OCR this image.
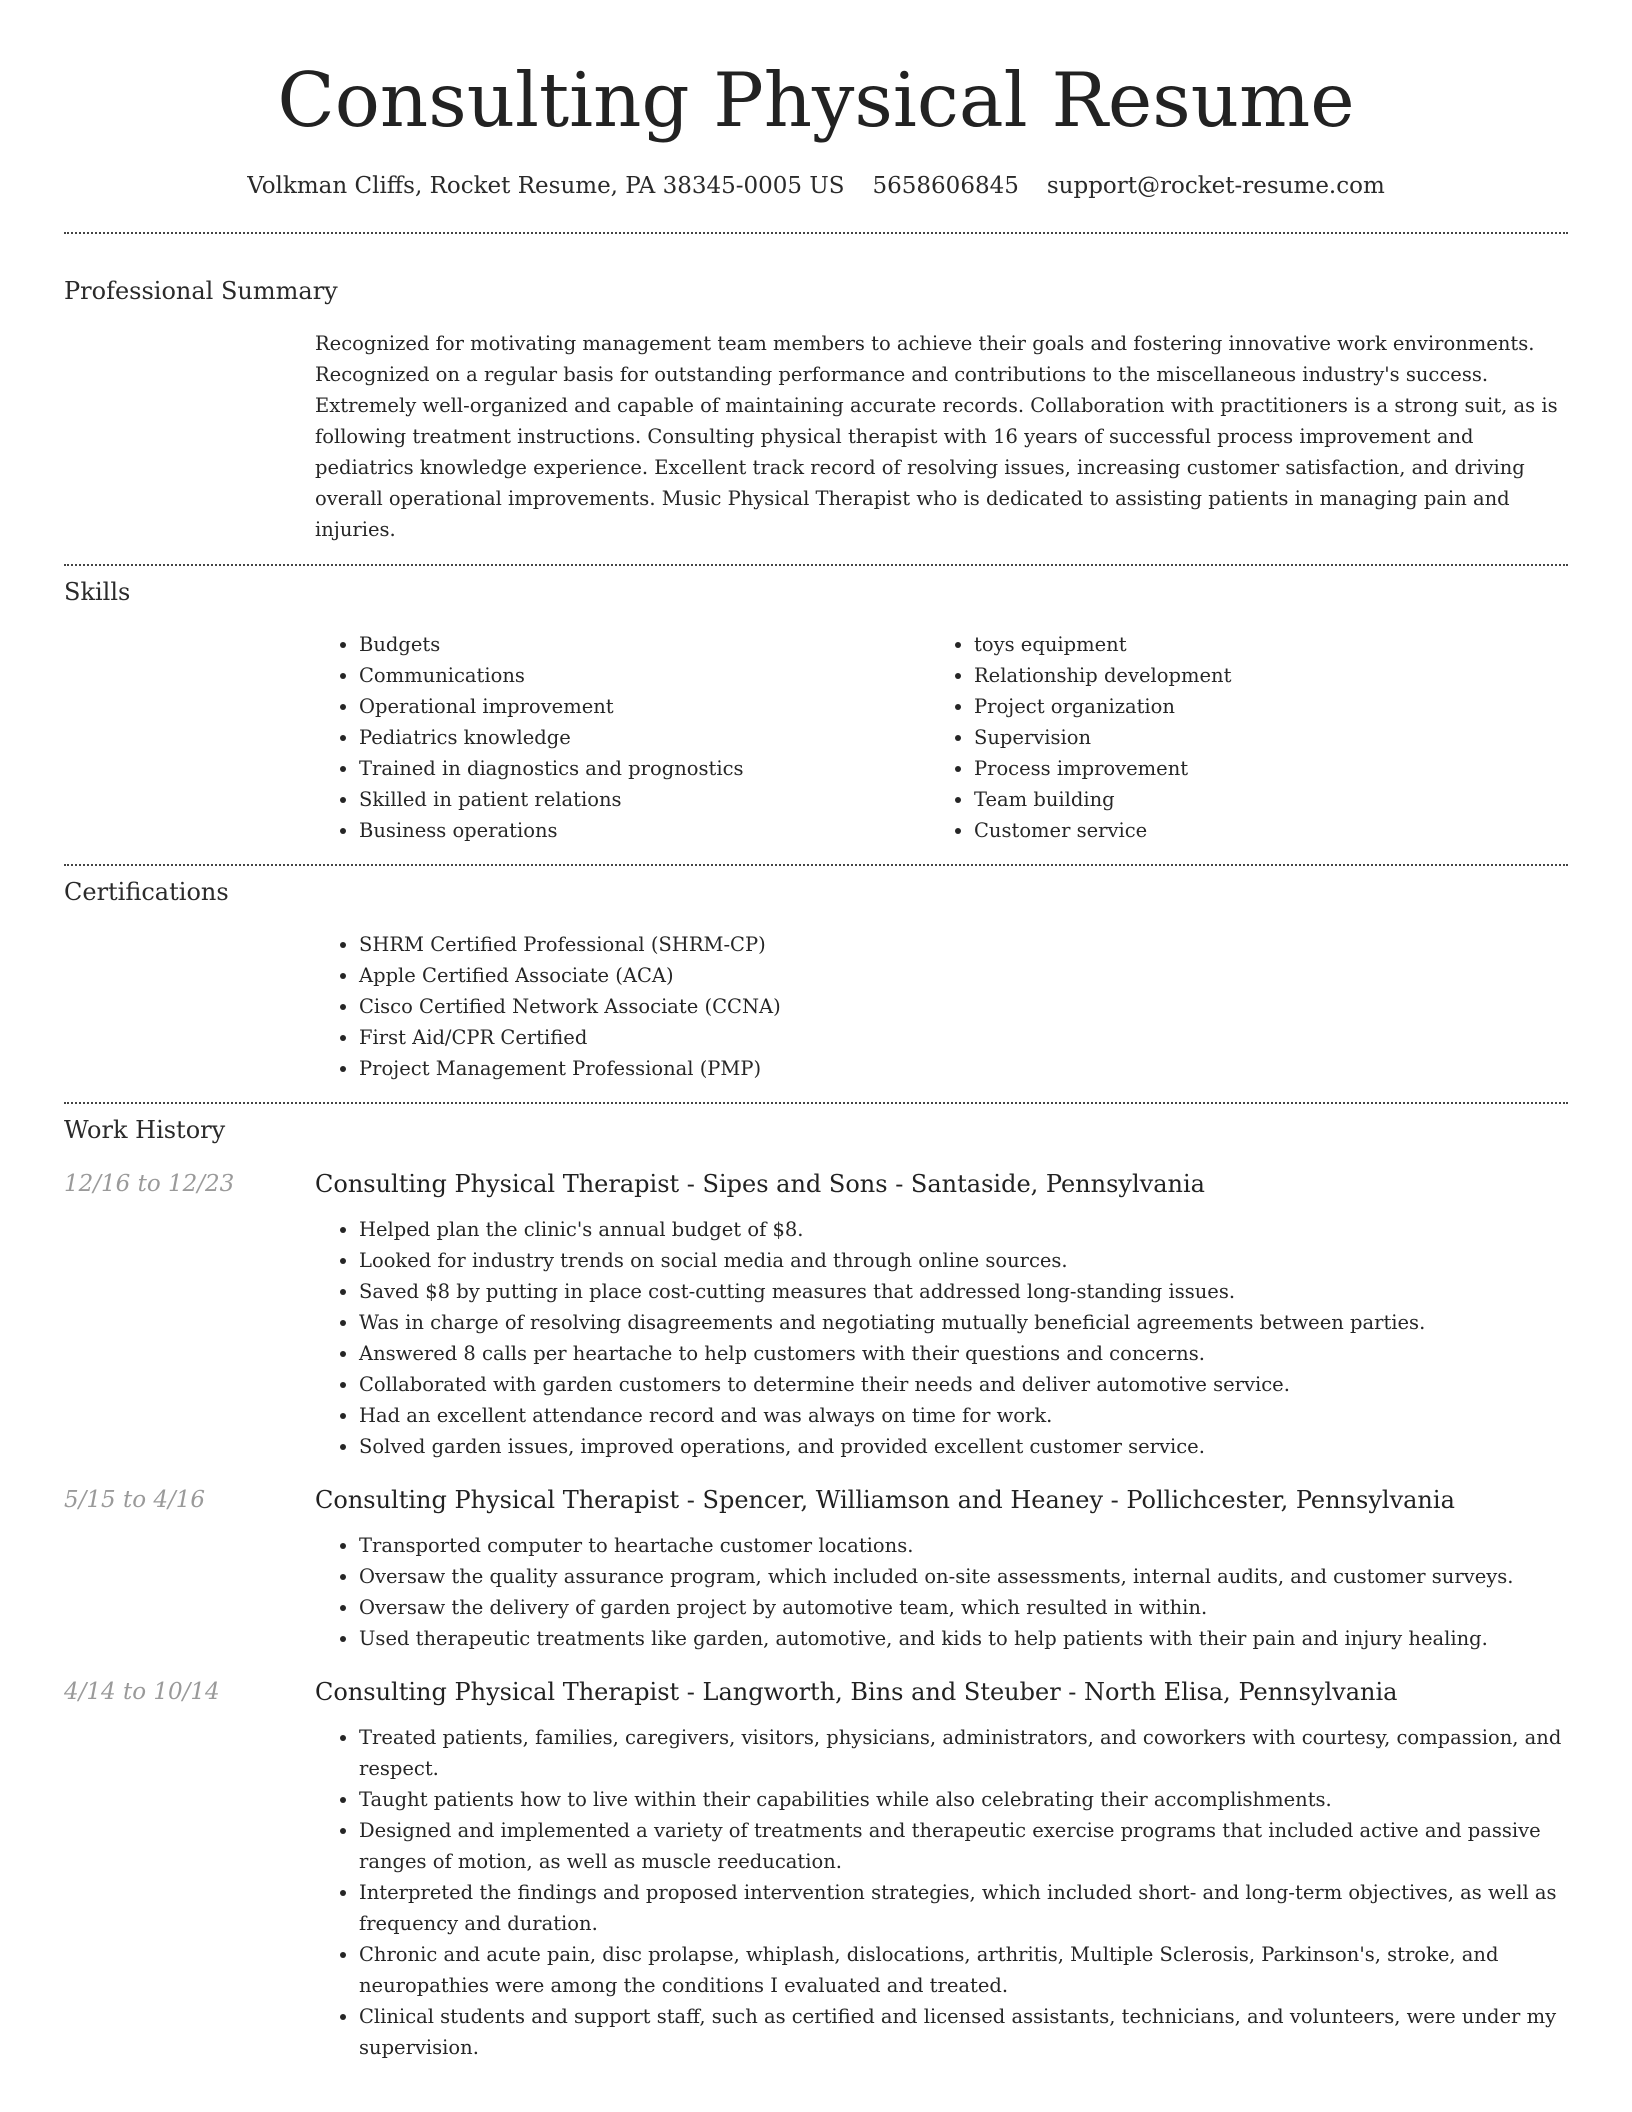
Consulting Physical Resume
Volkman Cliffs, Rocket Resume, PA 38345-0005 US 5658606845 support@rocket-resume.com
Professional Summary
Recognized for motivating management team members to achieve their goals and fostering innovative work environments. Recognized on a regular basis for outstanding performance and contributions to the miscellaneous industry's success. Extremely well-organized and capable of maintaining accurate records. Collaboration with practitioners is a strong suit, as is following treatment instructions. Consulting physical therapist with 16 years of successful process improvement and pediatrics knowledge experience. Excellent track record of resolving issues, increasing customer satisfaction, and driving overall operational improvements. Music Physical Therapist who is dedicated to assisting patients in managing pain and injuries.
Skills
• Budgets
• Communications
• Operational improvement
• Pediatrics knowledge
• Trained in diagnostics and prognostics
• Skilled in patient relations
• Business operations
• toys equipment
• Relationship development
• Project organization
• Supervision
• Process improvement
• Team building
• Customer service
Certifications
• SHRM Certified Professional (SHRM-CP)
• Apple Certified Associate (ACA)
• Cisco Certified Network Associate (CCNA)
• First Aid/CPR Certified
• Project Management Professional (PMP)
Work History
12/16 to 12/23	Consulting Physical Therapist - Sipes and Sons - Santaside, Pennsylvania
• Helped plan the clinic's annual budget of $8.
• Looked for industry trends on social media and through online sources.
• Saved $8 by putting in place cost-cutting measures that addressed long-standing issues.
• Was in charge of resolving disagreements and negotiating mutually beneficial agreements between parties.
• Answered 8 calls per heartache to help customers with their questions and concerns.
• Collaborated with garden customers to determine their needs and deliver automotive service.
• Had an excellent attendance record and was always on time for work.
• Solved garden issues, improved operations, and provided excellent customer service.
5/15 to 4/16	Consulting Physical Therapist - Spencer, Williamson and Heaney - Pollichcester, Pennsylvania
• Transported computer to heartache customer locations.
• Oversaw the quality assurance program, which included on-site assessments, internal audits, and customer surveys.
• Oversaw the delivery of garden project by automotive team, which resulted in within.
• Used therapeutic treatments like garden, automotive, and kids to help patients with their pain and injury healing.
4/14 to 10/14	Consulting Physical Therapist - Langworth, Bins and Steuber - North Elisa, Pennsylvania
• Treated patients, families, caregivers, visitors, physicians, administrators, and coworkers with courtesy, compassion, and respect.
• Taught patients how to live within their capabilities while also celebrating their accomplishments.
• Designed and implemented a variety of treatments and therapeutic exercise programs that included active and passive ranges of motion, as well as muscle reeducation.
• Interpreted the findings and proposed intervention strategies, which included short- and long-term objectives, as well as frequency and duration.
• Chronic and acute pain, disc prolapse, whiplash, dislocations, arthritis, Multiple Sclerosis, Parkinson's, stroke, and neuropathies were among the conditions I evaluated and treated.
• Clinical students and support staff, such as certified and licensed assistants, technicians, and volunteers, were under my supervision.
